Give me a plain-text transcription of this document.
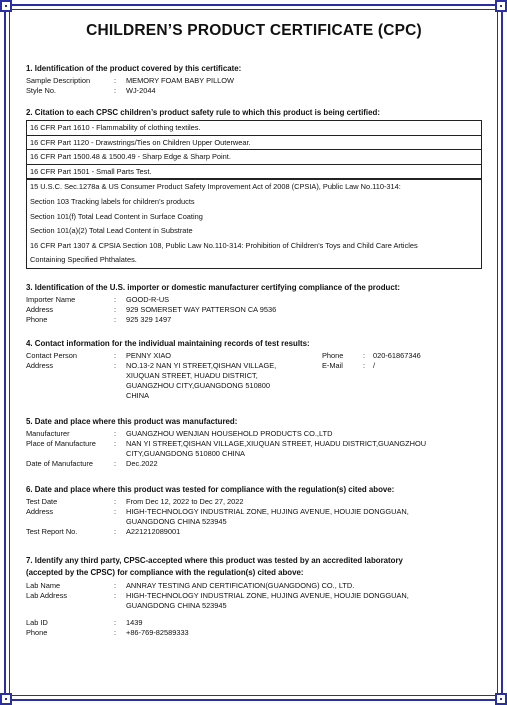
CHILDREN’S PRODUCT CERTIFICATE (CPC)
1. Identification of the product covered by this certificate:
Sample Description	:	MEMORY FOAM BABY PILLOW
Style No.	:	WJ-2044
2. Citation to each CPSC children’s product safety rule to which this product is being certified:
16 CFR Part 1610 - Flammability of clothing textiles.
16 CFR Part 1120 - Drawstrings/Ties on Children Upper Outerwear.
16 CFR Part 1500.48 & 1500.49 - Sharp Edge & Sharp Point.
16 CFR Part 1501 - Small Parts Test.
15 U.S.C. Sec.1278a & US Consumer Product Safety Improvement Act of 2008 (CPSIA), Public Law No.110-314:
Section 103 Tracking labels for children’s products
Section 101(f) Total Lead Content in Surface Coating
Section 101(a)(2) Total Lead Content in Substrate
16 CFR Part 1307 & CPSIA Section 108, Public Law No.110-314: Prohibition of Children's Toys and Child Care Articles
Containing Specified Phthalates.
3. Identification of the U.S. importer or domestic manufacturer certifying compliance of the product:
Importer Name	:	GOOD-R-US
Address	:	929 SOMERSET WAY PATTERSON CA 9536
Phone	:	925 329 1497
4. Contact information for the individual maintaining records of test results:
Contact Person	:	PENNY XIAO	Phone	:	020-61867346
Address	:	NO.13-2 NAN YI STREET,QISHAN VILLAGE,
XIUQUAN STREET, HUADU DISTRICT,
GUANGZHOU CITY,GUANGDONG 510800
CHINA
E-Mail	:	/
5. Date and place where this product was manufactured:
Manufacturer	:	GUANGZHOU WENJIAN HOUSEHOLD PRODUCTS CO.,LTD
Place of Manufacture	:	NAN YI STREET,QISHAN VILLAGE,XIUQUAN STREET, HUADU DISTRICT,GUANGZHOU
CITY,GUANGDONG 510800 CHINA
Date of Manufacture	:	Dec.2022
6. Date and place where this product was tested for compliance with the regulation(s) cited above:
Test Date	:	From Dec 12, 2022 to Dec 27, 2022
Address	:	HIGH-TECHNOLOGY INDUSTRIAL ZONE, HUJING AVENUE, HOUJIE DONGGUAN,
GUANGDONG CHINA 523945
Test Report No.	:	A221212089001
7. Identify any third party, CPSC-accepted where this product was tested by an accredited laboratory
(accepted by the CPSC) for compliance with the regulation(s) cited above:
Lab Name	:	ANNRAY TESTING AND CERTIFICATION(GUANGDONG) CO., LTD.
Lab Address	:	HIGH-TECHNOLOGY INDUSTRIAL ZONE, HUJING AVENUE, HOUJIE DONGGUAN,
GUANGDONG CHINA 523945
Lab ID	:	1439
Phone	:	+86-769-82589333
